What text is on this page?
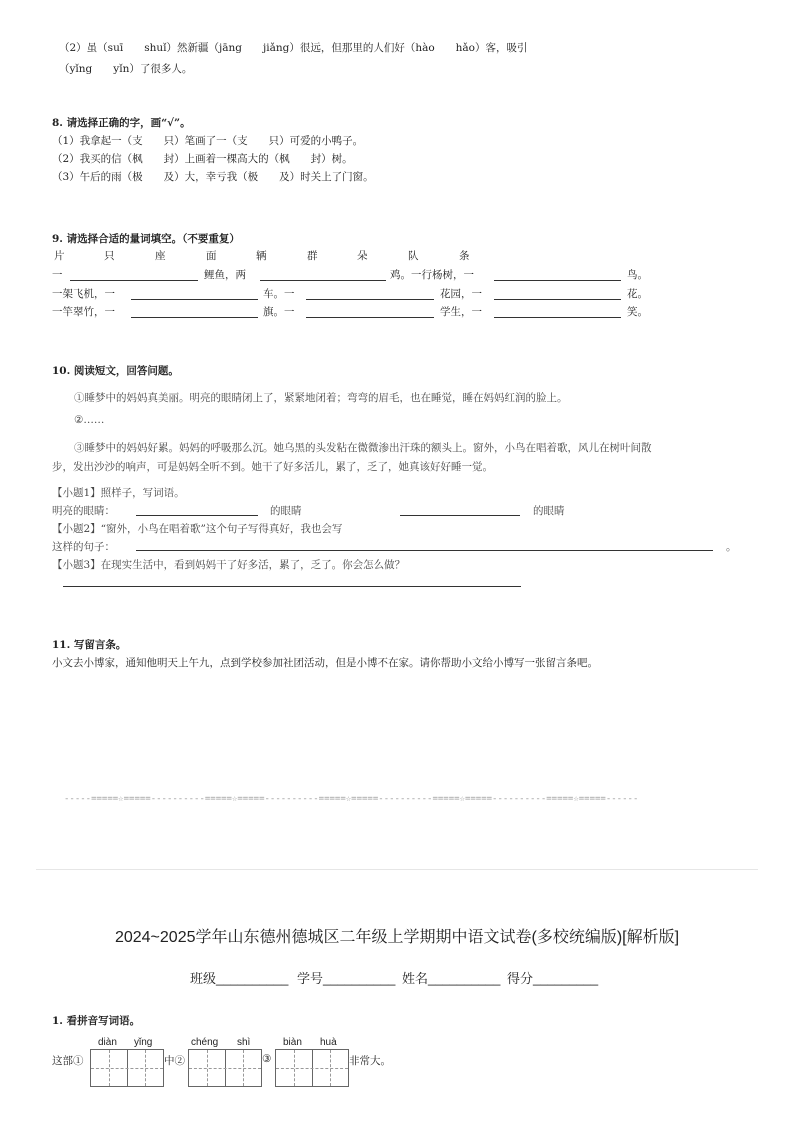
（2）虽（suī　　shuǐ）然新疆（jāng　　jiǎng）很远，但那里的人们好（hào　　hǎo）客，吸引
（yǐng　　yǐn）了很多人。
8. 请选择正确的字，画“√”。
（1）我拿起一（支　　只）笔画了一（支　　只）可爱的小鸭子。
（2）我买的信（枫　　封）上画着一棵高大的（枫　　封）树。
（3）午后的雨（极　　及）大，幸亏我（极　　及）时关上了门窗。
9. 请选择合适的量词填空。（不要重复）
片	只	座	面	辆	群	朵	队	条
一	鲤鱼，两	鸡。一行杨树，一	鸟。
一架飞机，一	车。一	花园，一	花。
一竿翠竹，一	旗。一	学生，一	笑。
10. 阅读短文，回答问题。
①睡梦中的妈妈真美丽。明亮的眼睛闭上了，紧紧地闭着；弯弯的眉毛，也在睡觉，睡在妈妈红润的脸上。
②……
③睡梦中的妈妈好累。妈妈的呼吸那么沉。她乌黑的头发粘在微微渗出汗珠的额头上。窗外，小鸟在唱着歌，风儿在树叶间散
步，发出沙沙的响声，可是妈妈全听不到。她干了好多活儿，累了，乏了，她真该好好睡一觉。
【小题1】照样子，写词语。
明亮的眼睛：	的眼睛	的眼睛
【小题2】“窗外，小鸟在唱着歌”这个句子写得真好，我也会写
这样的句子：	。
【小题3】在现实生活中，看到妈妈干了好多活，累了，乏了。你会怎么做？
11. 写留言条。
小文去小博家，通知他明天上午九，点到学校参加社团活动，但是小博不在家。请你帮助小文给小博写一张留言条吧。
-----=====☆=====----------=====☆=====----------=====☆=====----------=====☆=====----------=====☆=====------
2024~2025学年山东德州德城区二年级上学期期中语文试卷(多校统编版)[解析版]
班级__________ 学号__________ 姓名__________ 得分_________
1. 看拼音写词语。
diàn yǐng	chéng shì	biàn huà
这部①	中②	③	非常大。
